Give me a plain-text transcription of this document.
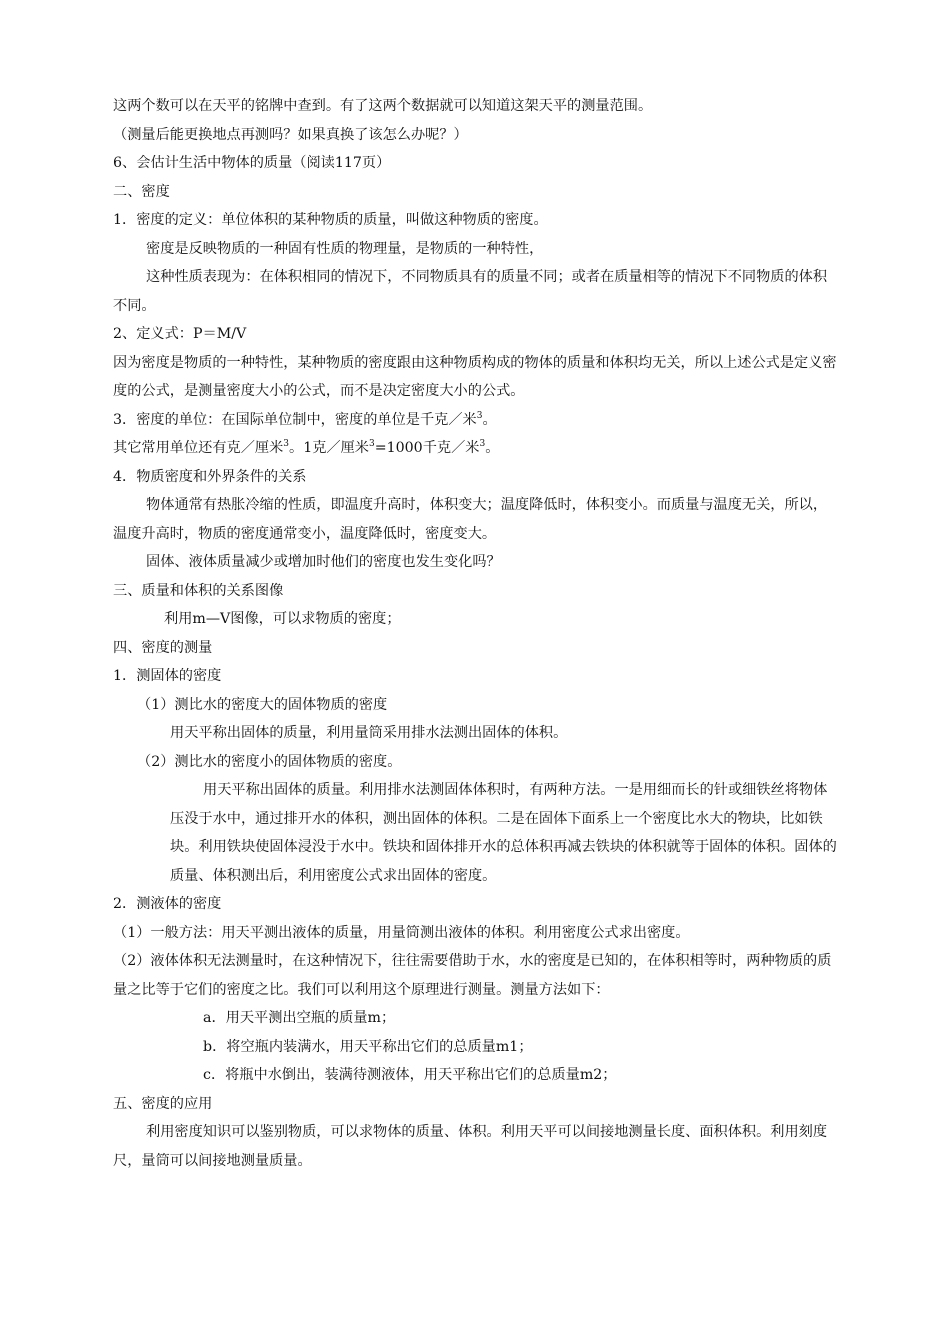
这两个数可以在天平的铭牌中查到。有了这两个数据就可以知道这架天平的测量范围。

（测量后能更换地点再测吗？如果真换了该怎么办呢？）

6、会估计生活中物体的质量（阅读117页）

二、密度

1．密度的定义：单位体积的某种物质的质量，叫做这种物质的密度。

密度是反映物质的一种固有性质的物理量，是物质的一种特性，

这种性质表现为：在体积相同的情况下，不同物质具有的质量不同；或者在质量相等的情况下不同物质的体积不同。

2、定义式：P＝M/V

因为密度是物质的一种特性，某种物质的密度跟由这种物质构成的物体的质量和体积均无关，所以上述公式是定义密度的公式，是测量密度大小的公式，而不是决定密度大小的公式。

3．密度的单位：在国际单位制中，密度的单位是千克／米$^3$。

其它常用单位还有克／厘米$^3$。1克／厘米$^3$=1000千克／米$^3$。

4．物质密度和外界条件的关系

物体通常有热胀冷缩的性质，即温度升高时，体积变大；温度降低时，体积变小。而质量与温度无关，所以，温度升高时，物质的密度通常变小，温度降低时，密度变大。

固体、液体质量减少或增加时他们的密度也发生变化吗？

三、质量和体积的关系图像

利用m—V图像，可以求物质的密度；

四、密度的测量

1．测固体的密度

（1）测比水的密度大的固体物质的密度

用天平称出固体的质量，利用量筒采用排水法测出固体的体积。

（2）测比水的密度小的固体物质的密度。

用天平称出固体的质量。利用排水法测固体体积时，有两种方法。一是用细而长的针或细铁丝将物体压没于水中，通过排开水的体积，测出固体的体积。二是在固体下面系上一个密度比水大的物块，比如铁块。利用铁块使固体浸没于水中。铁块和固体排开水的总体积再减去铁块的体积就等于固体的体积。固体的质量、体积测出后，利用密度公式求出固体的密度。

2．测液体的密度

（1）一般方法：用天平测出液体的质量，用量筒测出液体的体积。利用密度公式求出密度。

（2）液体体积无法测量时，在这种情况下，往往需要借助于水，水的密度是已知的，在体积相等时，两种物质的质量之比等于它们的密度之比。我们可以利用这个原理进行测量。测量方法如下：

a．用天平测出空瓶的质量m；

b．将空瓶内装满水，用天平称出它们的总质量m1；

c．将瓶中水倒出，装满待测液体，用天平称出它们的总质量m2；

五、密度的应用

利用密度知识可以鉴别物质，可以求物体的质量、体积。利用天平可以间接地测量长度、面积体积。利用刻度尺，量筒可以间接地测量质量。
